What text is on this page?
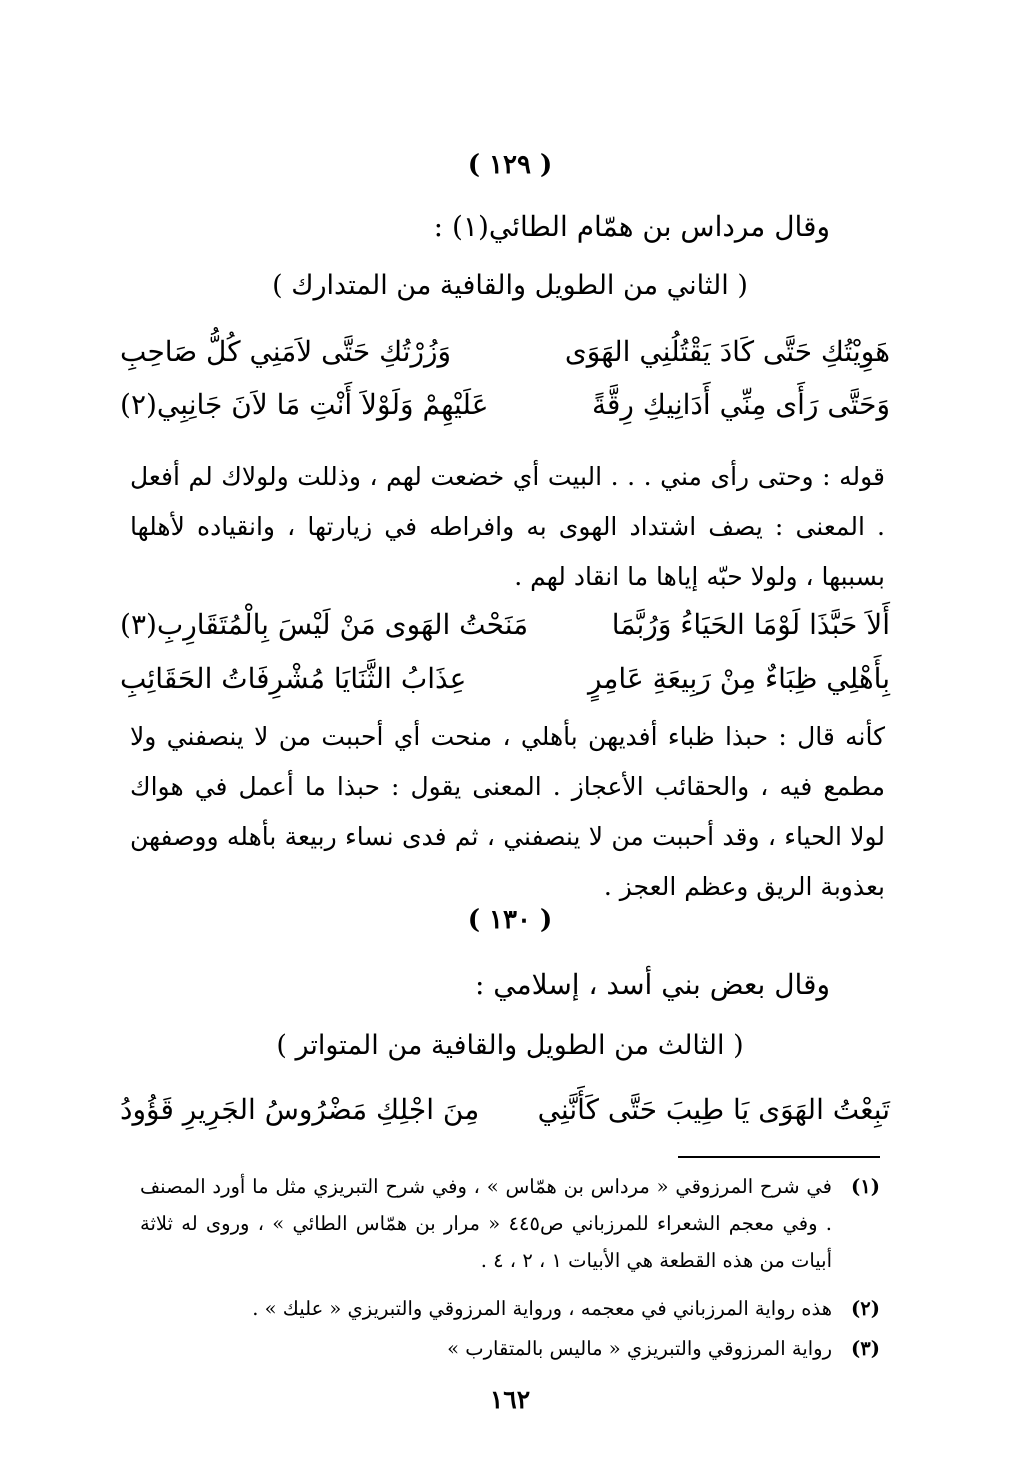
( ١٢٩ )
وقال مرداس بن همّام الطائي(١) :
( الثاني من الطويل والقافية من المتدارك )
هَوِيْتُكِ حَتَّى كَادَ يَقْتُلُنِي الهَوَى
وَزُرْتُكِ حَتَّى لاَمَنِي كُلُّ صَاحِبِ
وَحَتَّى رَأَى مِنِّي أَدَانِيكِ رِقَّةً
عَلَيْهِمْ وَلَوْلاَ أَنْتِ مَا لاَنَ جَانِبِي(٢)
قوله : وحتى رأى مني . . . البيت أي خضعت لهم ، وذللت ولولاك لم أفعل . المعنى : يصف اشتداد الهوى به وافراطه في زيارتها ، وانقياده لأهلها بسببها ، ولولا حبّه إياها ما انقاد لهم .
أَلاَ حَبَّذَا لَوْمَا الحَيَاءُ وَرُبَّمَا
مَنَحْتُ الهَوى مَنْ لَيْسَ بِالْمُتَقَارِبِ(٣)
بِأَهْلِي ظِبَاءٌ مِنْ رَبِيعَةِ عَامِرٍ
عِذَابُ الثَّنَايَا مُشْرِفَاتُ الحَقَائِبِ
كأنه قال : حبذا ظباء أفديهن بأهلي ، منحت أي أحببت من لا ينصفني ولا مطمع فيه ، والحقائب الأعجاز . المعنى يقول : حبذا ما أعمل في هواك لولا الحياء ، وقد أحببت من لا ينصفني ، ثم فدى نساء ربيعة بأهله ووصفهن بعذوبة الريق وعظم العجز .
( ١٣٠ )
وقال بعض بني أسد ، إسلامي :
( الثالث من الطويل والقافية من المتواتر )
تَبِعْتُ الهَوَى يَا طِيبَ حَتَّى كَأَنَّنِي
مِنَ اجْلِكِ مَضْرُوسُ الجَرِيرِ قَؤُودُ
(١)
في شرح المرزوقي « مرداس بن همّاس » ، وفي شرح التبريزي مثل ما أورد المصنف . وفي معجم الشعراء للمرزباني ص٤٤٥ « مرار بن همّاس الطائي » ، وروى له ثلاثة أبيات من هذه القطعة هي الأبيات ١ ، ٢ ، ٤ .
(٢)
هذه رواية المرزباني في معجمه ، ورواية المرزوقي والتبريزي « عليك » .
(٣)
رواية المرزوقي والتبريزي « ماليس بالمتقارب »
١٦٢
